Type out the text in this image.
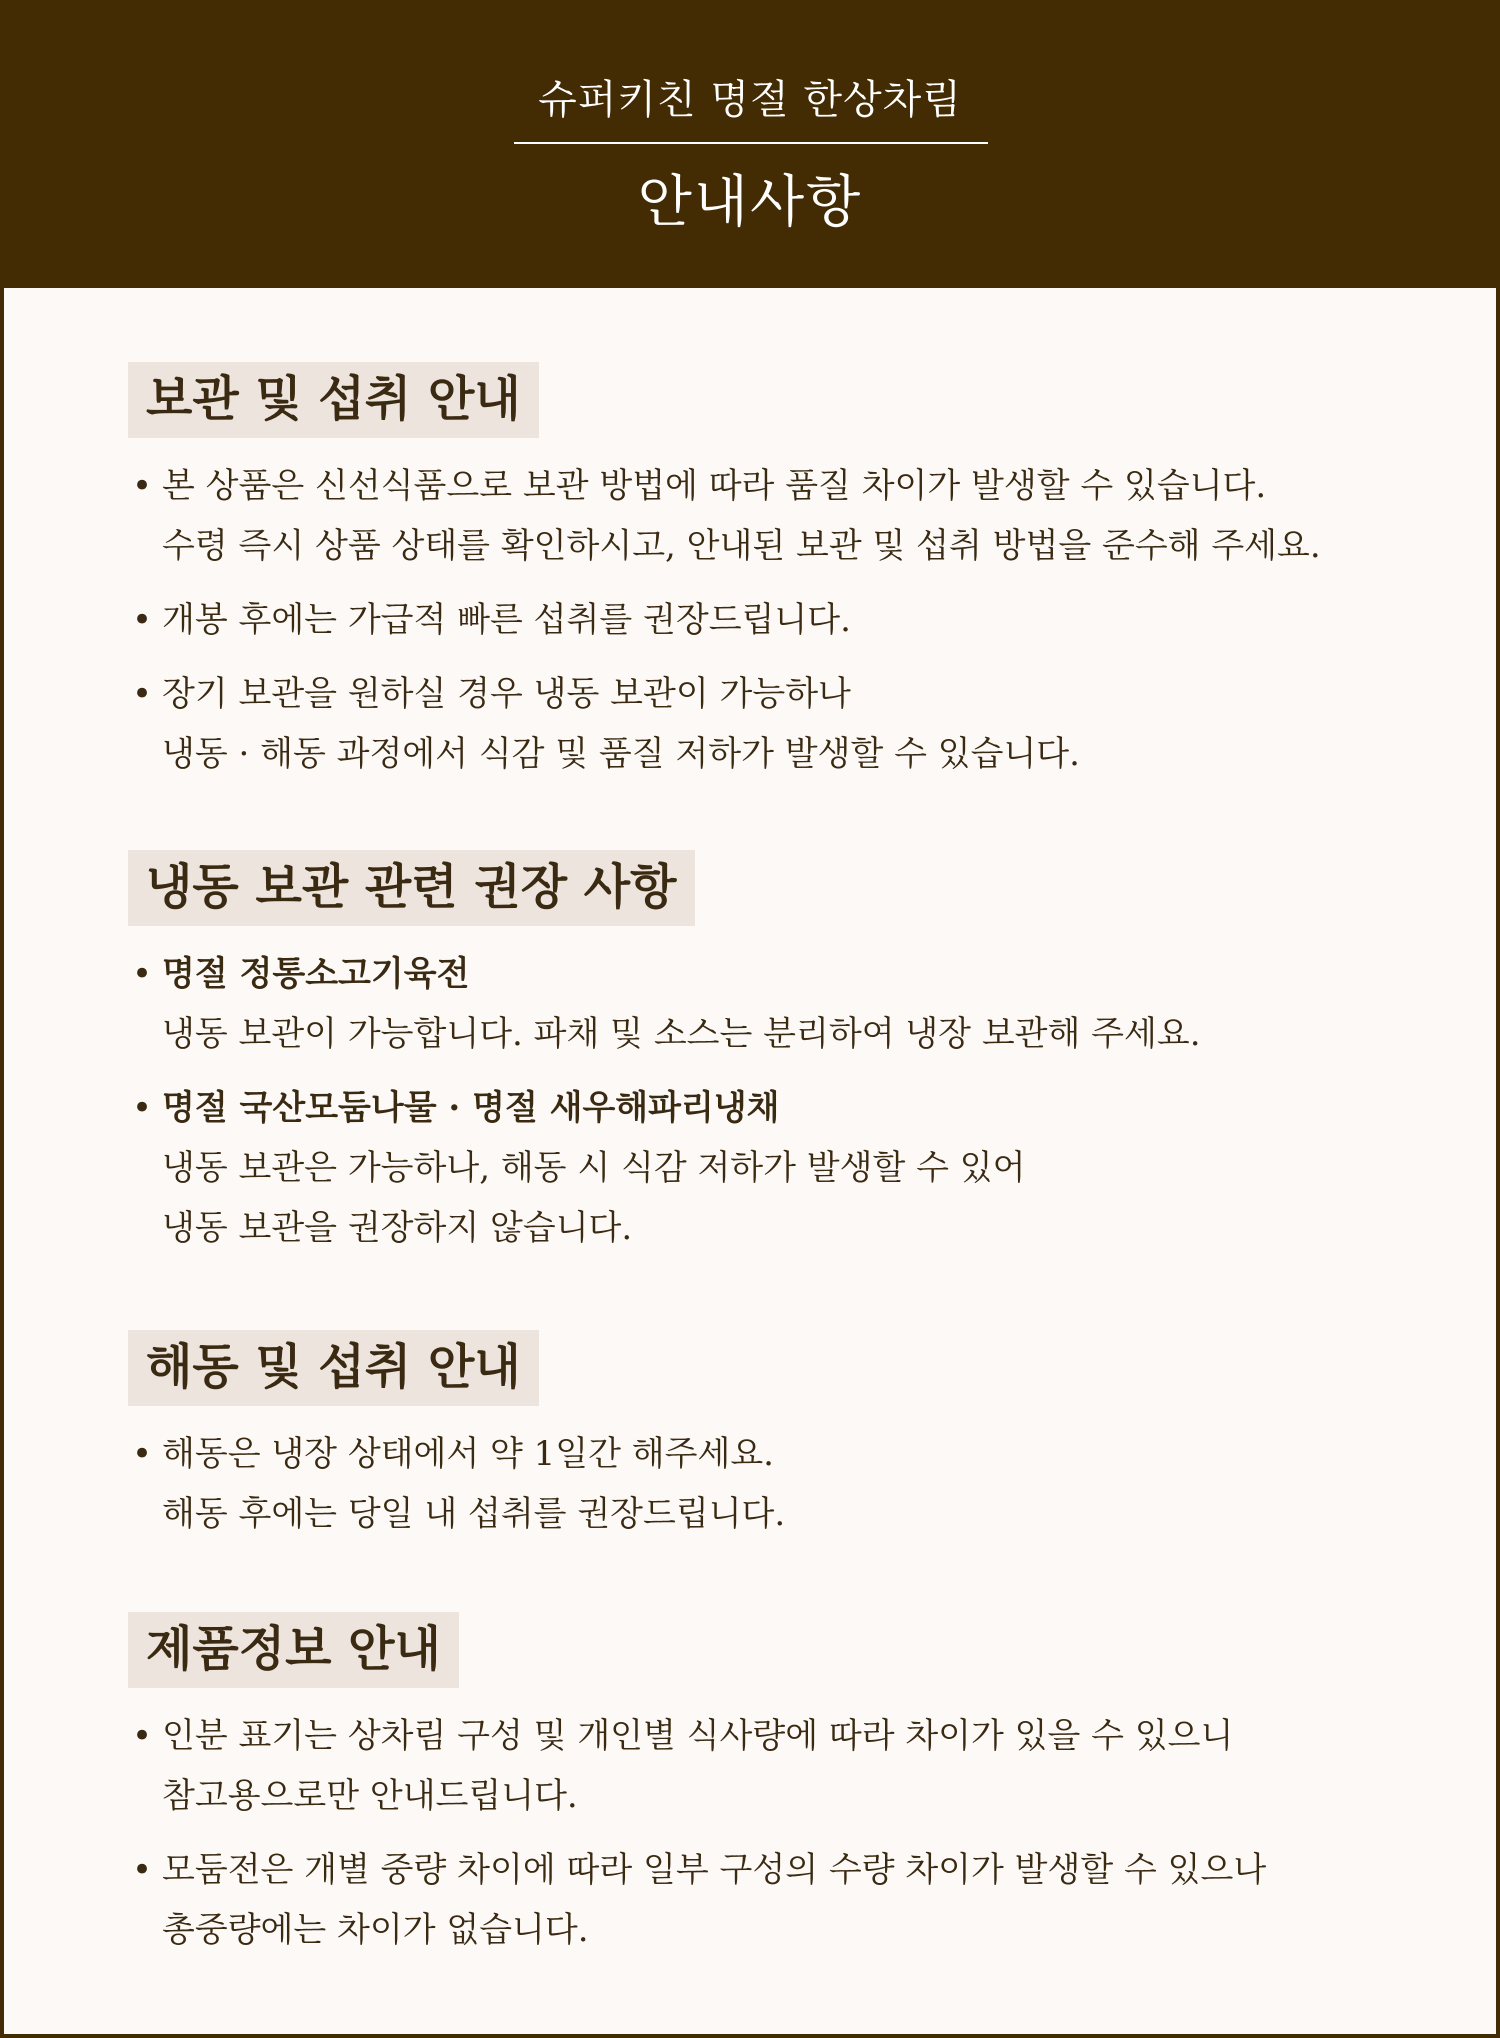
슈퍼키친 명절 한상차림
안내사항
보관 및 섭취 안내
• 본 상품은 신선식품으로 보관 방법에 따라 품질 차이가 발생할 수 있습니다.
수령 즉시 상품 상태를 확인하시고, 안내된 보관 및 섭취 방법을 준수해 주세요.
• 개봉 후에는 가급적 빠른 섭취를 권장드립니다.
• 장기 보관을 원하실 경우 냉동 보관이 가능하나
냉동 · 해동 과정에서 식감 및 품질 저하가 발생할 수 있습니다.
냉동 보관 관련 권장 사항
• 명절 정통소고기육전
냉동 보관이 가능합니다. 파채 및 소스는 분리하여 냉장 보관해 주세요.
• 명절 국산모둠나물 · 명절 새우해파리냉채
냉동 보관은 가능하나, 해동 시 식감 저하가 발생할 수 있어
냉동 보관을 권장하지 않습니다.
해동 및 섭취 안내
• 해동은 냉장 상태에서 약 1일간 해주세요.
해동 후에는 당일 내 섭취를 권장드립니다.
제품정보 안내
• 인분 표기는 상차림 구성 및 개인별 식사량에 따라 차이가 있을 수 있으니
참고용으로만 안내드립니다.
• 모둠전은 개별 중량 차이에 따라 일부 구성의 수량 차이가 발생할 수 있으나
총중량에는 차이가 없습니다.
